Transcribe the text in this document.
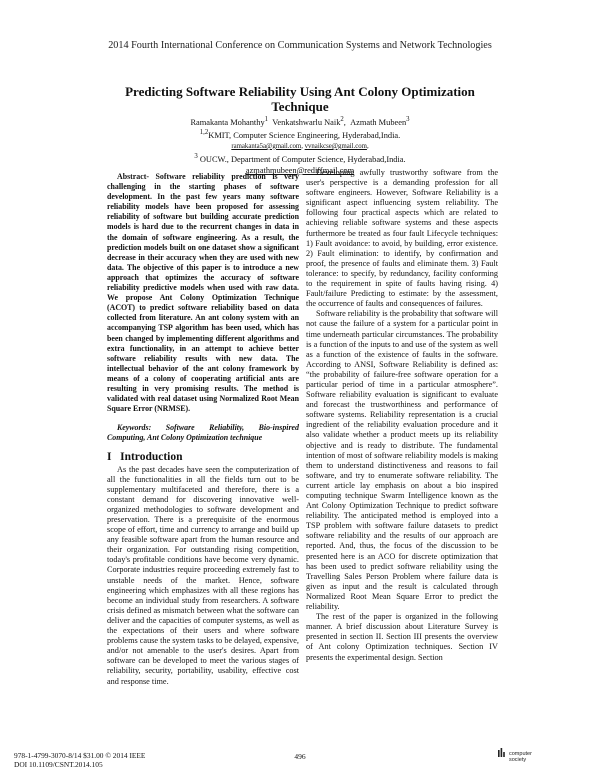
2014 Fourth International Conference on Communication Systems and Network Technologies
Predicting Software Reliability Using Ant Colony Optimization Technique
Ramakanta Mohanthy$^1$ Venkatshwarlu Naik$^2$, Azmath Mubeen$^3$
$^{1,2}$KMIT, Computer Science Engineering, Hyderabad,India.
ramakanta5a@gmail.com, vvnaikcse@gmail.com,
$^3$ OUCW., Department of Computer Science, Hyderabad,India.
azmathmubeen@rediffmail.com

Abstract- Software reliability prediction is very challenging in the starting phases of software development. In the past few years many software reliability models have been proposed for assessing reliability of software but building accurate prediction models is hard due to the recurrent changes in data in the domain of software engineering. As a result, the prediction models built on one dataset show a significant decrease in their accuracy when they are used with new data. The objective of this paper is to introduce a new approach that optimizes the accuracy of software reliability predictive models when used with raw data. We propose Ant Colony Optimization Technique (ACOT) to predict software reliability based on data collected from literature. An ant colony system with an accompanying TSP algorithm has been used, which has been changed by implementing different algorithms and extra functionality, in an attempt to achieve better software reliability results with new data. The intellectual behavior of the ant colony framework by means of a colony of cooperating artificial ants are resulting in very promising results. The method is validated with real dataset using Normalized Root Mean Square Error (NRMSE).

Keywords: Software Reliability, Bio-inspired Computing, Ant Colony Optimization technique

I Introduction

As the past decades have seen the computerization of all the functionalities in all the fields turn out to be supplementary multifaceted and therefore, there is a constant demand for discovering innovative well-organized methodologies to software development and preservation. There is a prerequisite of the enormous scope of effort, time and currency to arrange and build up any feasible software apart from the human resource and their organization. For outstanding rising competition, today's profitable conditions have become very dynamic. Corporate industries require proceeding extremely fast to unstable needs of the market. Hence, software engineering which emphasizes with all these regions has become an individual study from researchers. A software crisis defined as mismatch between what the software can deliver and the capacities of computer systems, as well as the expectations of their users and where software problems cause the system tasks to be delayed, expensive, and/or not amenable to the user's desires. Apart from software can be developed to meet the various stages of reliability, security, portability, usability, effective cost and response time.

Developing awfully trustworthy software from the user's perspective is a demanding profession for all software engineers. However, Software Reliability is a significant aspect influencing system reliability. The following four practical aspects which are related to achieving reliable software systems and these aspects furthermore be treated as four fault Lifecycle techniques: 1) Fault avoidance: to avoid, by building, error existence. 2) Fault elimination: to identify, by confirmation and proof, the presence of faults and eliminate them. 3) Fault tolerance: to specify, by redundancy, facility conforming to the requirement in spite of faults having rising. 4) Fault/failure Predicting to estimate: by the assessment, the occurrence of faults and consequences of failures.

Software reliability is the probability that software will not cause the failure of a system for a particular point in time underneath particular circumstances. The probability is a function of the inputs to and use of the system as well as a function of the existence of faults in the software. According to ANSI, Software Reliability is defined as: “the probability of failure-free software operation for a particular period of time in a particular atmosphere”. Software reliability evaluation is significant to evaluate and forecast the trustworthiness and performance of software systems. Reliability representation is a crucial ingredient of the reliability evaluation procedure and it also validate whether a product meets up its reliability objective and is ready to distribute. The fundamental intention of most of software reliability models is making them to understand distinctiveness and reasons to fail software, and try to enumerate software reliability. The current article lay emphasis on about a bio inspired computing technique Swarm Intelligence known as the Ant Colony Optimization Technique to predict software reliability. The anticipated method is employed into a TSP problem with software failure datasets to predict software reliability and the results of our approach are reported. And, thus, the focus of the discussion to be presented here is an ACO for discrete optimization that has been used to predict software reliability using the Travelling Sales Person Problem where failure data is given as input and the result is calculated through Normalized Root Mean Square Error to predict the reliability.

The rest of the paper is organized in the following manner. A brief discussion about Literature Survey is presented in section II. Section III presents the overview of Ant colony Optimization techniques. Section IV presents the experimental design. Section

978-1-4799-3070-8/14 $31.00 © 2014 IEEE
DOI 10.1109/CSNT.2014.105
496	computer
society
